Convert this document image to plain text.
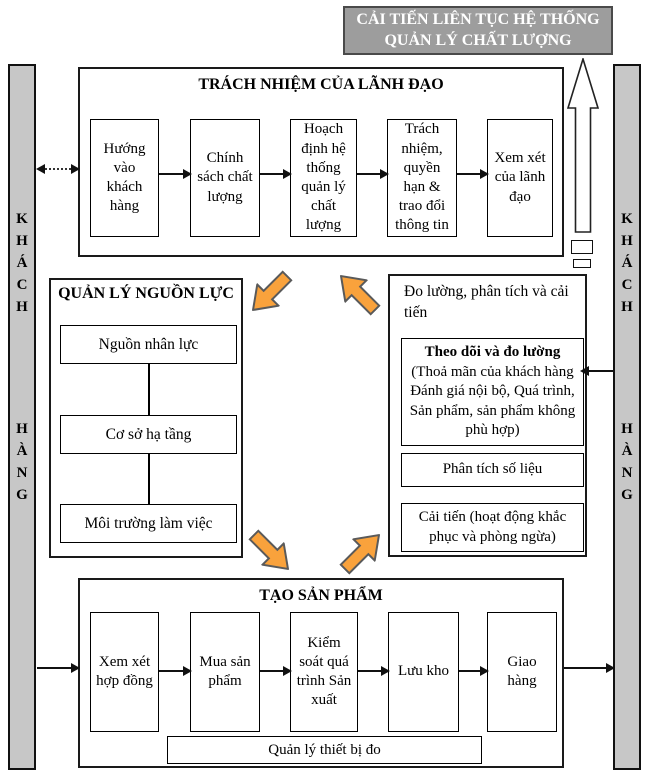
CẢI TIẾN LIÊN TỤC HỆ THỐNG QUẢN LÝ CHẤT LƯỢNG
KHÁCH
HÀNG
KHÁCH
HÀNG
TRÁCH NHIỆM CỦA LÃNH ĐẠO
Hướng vào khách hàng
Chính sách chất lượng
Hoạch định hệ thống quản lý chất lượng
Trách nhiệm, quyền hạn & trao đổi thông tin
Xem xét của lãnh đạo
QUẢN LÝ NGUỒN LỰC
Nguồn nhân lực
Cơ sở hạ tầng
Môi trường làm việc
Đo lường, phân tích và cải tiến
Theo dõi và đo lường
(Thoả mãn của khách hàng Đánh giá nội bộ, Quá trình, Sản phẩm, sản phẩm không phù hợp)
Phân tích số liệu
Cải tiến (hoạt động khắc phục và phòng ngừa)
TẠO SẢN PHẨM
Xem xét hợp đồng
Mua sản phẩm
Kiểm soát quá trình Sản xuất
Lưu kho
Giao hàng
Quản lý thiết bị đo
